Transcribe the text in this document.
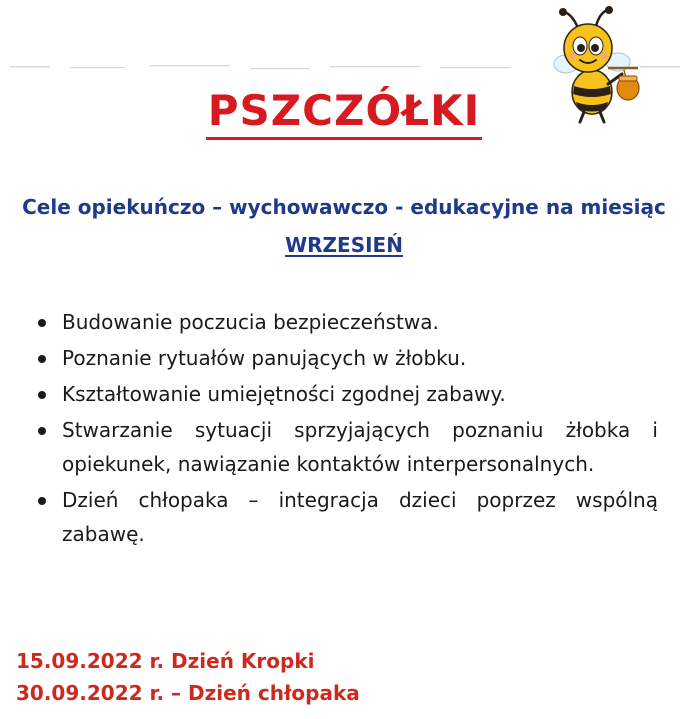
PSZCZÓŁKI
Cele opiekuńczo – wychowawczo - edukacyjne na miesiąc
WRZESIEŃ
Budowanie poczucia bezpieczeństwa.
Poznanie rytuałów panujących w żłobku.
Kształtowanie umiejętności zgodnej zabawy.
Stwarzanie sytuacji sprzyjających poznaniu żłobka i opiekunek, nawiązanie kontaktów interpersonalnych.
Dzień chłopaka – integracja dzieci poprzez wspólną zabawę.
15.09.2022 r. Dzień Kropki
30.09.2022 r. – Dzień chłopaka
